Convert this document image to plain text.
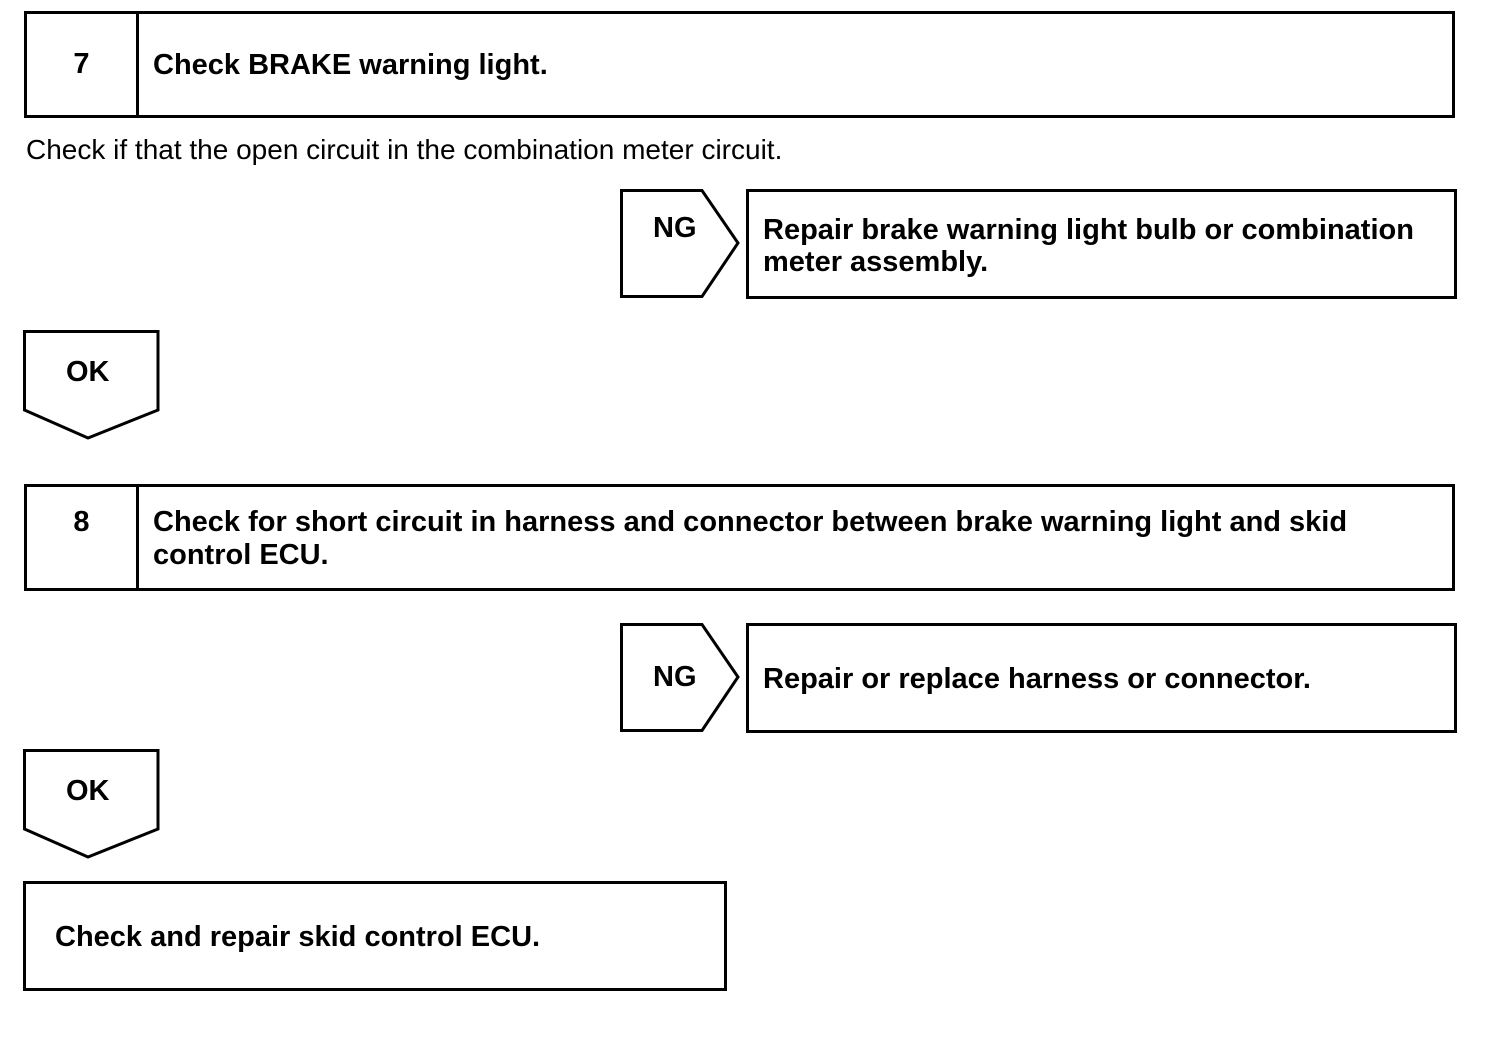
7	Check BRAKE warning light.
Check if that the open circuit in the combination meter circuit.
NG Repair brake warning light bulb or combination meter assembly.
OK
8	Check for short circuit in harness and connector between brake warning light and skid control ECU.
NG Repair or replace harness or connector.
OK
Check and repair skid control ECU.
